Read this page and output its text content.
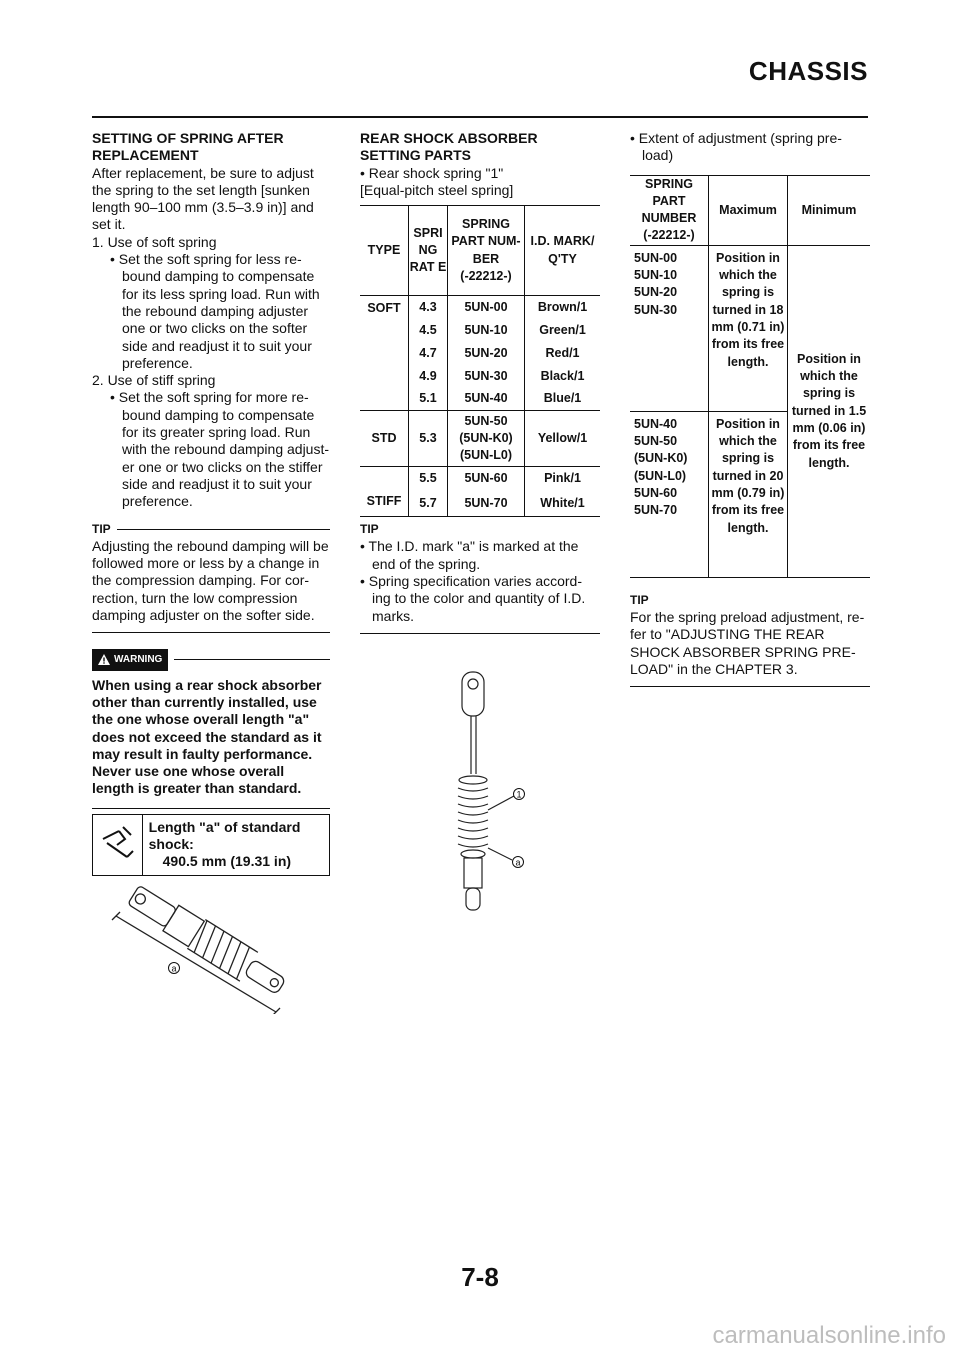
CHASSIS

SETTING OF SPRING AFTER REPLACEMENT

After replacement, be sure to adjust the spring to the set length [sunken length 90–100 mm (3.5–3.9 in)] and set it.

1. Use of soft spring

• Set the soft spring for less re- bound damping to compensate for its less spring load. Run with the rebound damping adjuster one or two clicks on the softer side and readjust it to suit your preference.

2. Use of stiff spring

• Set the soft spring for more re- bound damping to compensate for its greater spring load. Run with the rebound damping adjust- er one or two clicks on the stiffer side and readjust it to suit your preference.

TIP

Adjusting the rebound damping will be followed more or less by a change in the compression damping. For cor- rection, turn the low compression damping adjuster on the softer side.

WARNING

When using a rear shock absorber other than currently installed, use the one whose overall length "a" does not exceed the standard as it may result in faulty performance. Never use one whose overall length is greater than standard.

Length "a" of standard shock:
490.5 mm (19.31 in)
a

REAR SHOCK ABSORBER SETTING PARTS

• Rear shock spring "1"

[Equal-pitch steel spring]

TYPE	SPRI NG RAT E	SPRING PART NUM- BER (-22212-)	I.D. MARK/ Q'TY
SOFT	4.3	5UN-00	Brown/1
	4.5	5UN-10	Green/1
	4.7	5UN-20	Red/1
	4.9	5UN-30	Black/1
	5.1	5UN-40	Blue/1
STD	5.3	5UN-50 (5UN-K0) (5UN-L0)	Yellow/1
STIFF	5.5	5UN-60	Pink/1
	5.7	5UN-70	White/1
TIP

• The I.D. mark "a" is marked at the end of the spring.

• Spring specification varies accord- ing to the color and quantity of I.D. marks.

1
a

• Extent of adjustment (spring pre- load)

SPRING PART NUMBER (-22212-)	Maximum	Minimum
5UN-00 5UN-10 5UN-20 5UN-30	Position in which the spring is turned in 18 mm (0.71 in) from its free length.	Position in which the spring is turned in 1.5 mm (0.06 in) from its free length.
5UN-40 5UN-50 (5UN-K0) (5UN-L0) 5UN-60 5UN-70	Position in which the spring is turned in 20 mm (0.79 in) from its free length.	
TIP

For the spring preload adjustment, re- fer to "ADJUSTING THE REAR SHOCK ABSORBER SPRING PRE- LOAD" in the CHAPTER 3.

7-8
carmanualsonline.info
